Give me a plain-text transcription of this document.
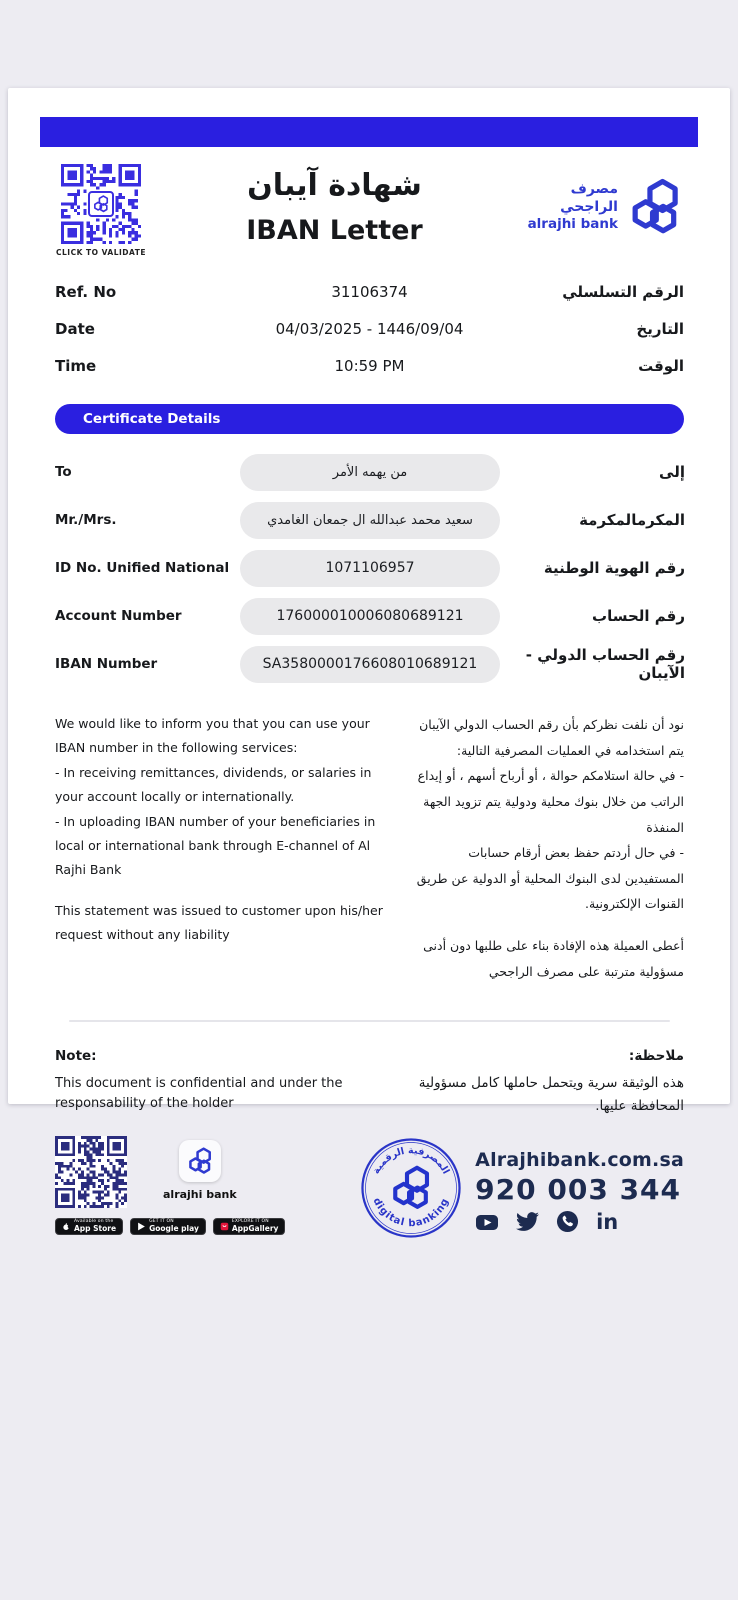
CLICK TO VALIDATE
شهادة آيبان
IBAN Letter
مصرف الراجحي
alrajhi bank
Ref. No	31106374	الرقم التسلسلي
Date	04/03/2025 - 1446/09/04	التاريخ
Time	10:59 PM	الوقت
Certificate Details
To	من يهمه الأمر	إلى
Mr./Mrs.	سعيد محمد عبدالله ال جمعان الغامدي	المكرمالمكرمة
ID No. Unified National	1071106957	رقم الهوية الوطنية
Account Number	176000010006080689121	رقم الحساب
IBAN Number	SA3580000176608010689121	رقم الحساب الدولي - الآيبان
We would like to inform you that you can use your IBAN number in the following services:
- In receiving remittances, dividends, or salaries in your account locally or internationally.
- In uploading IBAN number of your beneficiaries in local or international bank through E-channel of Al Rajhi Bank
This statement was issued to customer upon his/her request without any liability
نود أن نلفت نظركم بأن رقم الحساب الدولي الآيبان يتم استخدامه في العمليات المصرفية التالية:
- في حالة استلامكم حوالة ، أو أرباح أسهم ، أو إيداع الراتب من خلال بنوك محلية ودولية يتم تزويد الجهة المنفذة
- في حال أردتم حفظ بعض أرقام حسابات المستفيدين لدى البنوك المحلية أو الدولية عن طريق القنوات الإلكترونية.
أعطى العميلة هذه الإفادة بناء على طلبها دون أدنى مسؤولية مترتبة على مصرف الراجحي
Note:
This document is confidential and under the responsability of the holder
ملاحظة:
هذه الوثيقة سرية ويتحمل حاملها كامل مسؤولية المحافظة عليها.
alrajhi bank
Available on the
App Store
GET IT ON
Google play
EXPLORE IT ON
AppGallery
المصرفية الرقمية
digital banking
Alrajhibank.com.sa
920 003 344
in
